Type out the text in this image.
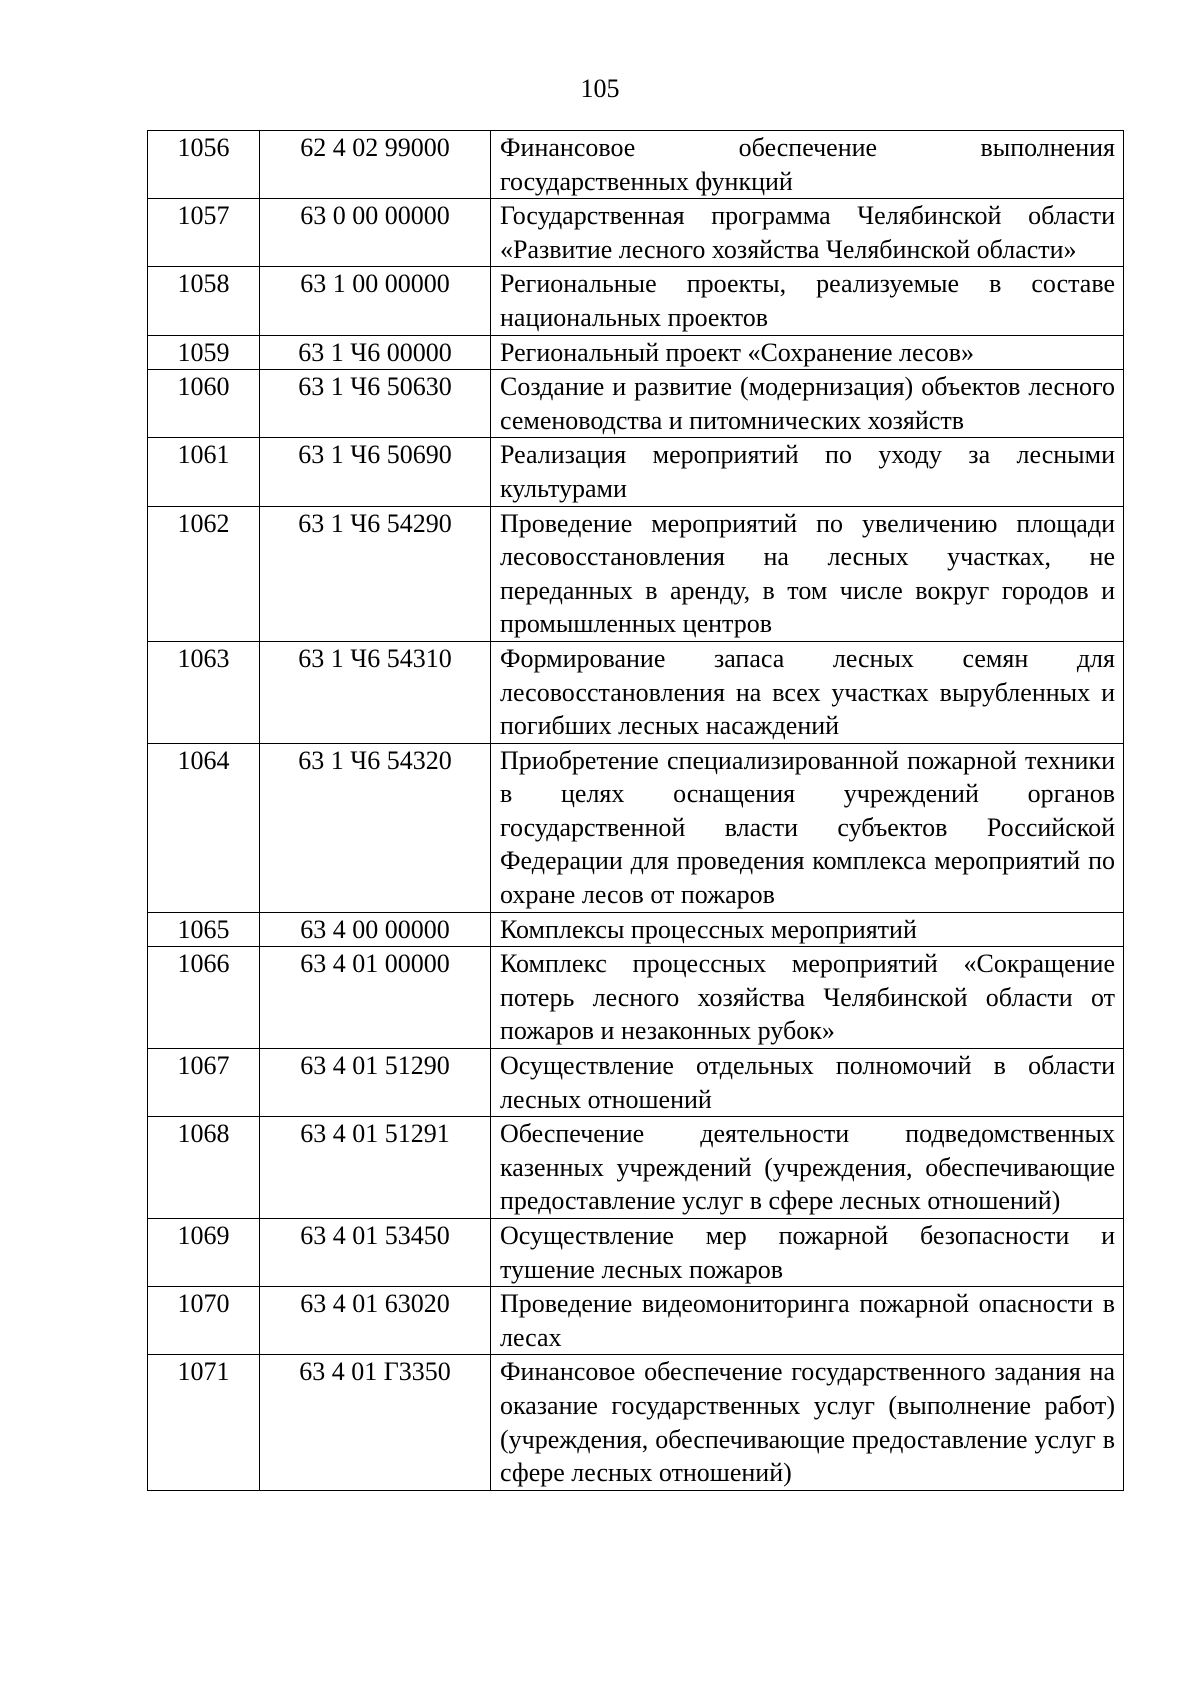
105
1056	62 4 02 99000	Финансовое обеспечение выполнения государственных функций
1057	63 0 00 00000	Государственная программа Челябинской области «Развитие лесного хозяйства Челябинской области»
1058	63 1 00 00000	Региональные проекты, реализуемые в составе национальных проектов
1059	63 1 Ч6 00000	Региональный проект «Сохранение лесов»
1060	63 1 Ч6 50630	Создание и развитие (модернизация) объектов лесного семеноводства и питомнических хозяйств
1061	63 1 Ч6 50690	Реализация мероприятий по уходу за лесными культурами
1062	63 1 Ч6 54290	Проведение мероприятий по увеличению площади лесовосстановления на лесных участках, не переданных в аренду, в том числе вокруг городов и промышленных центров
1063	63 1 Ч6 54310	Формирование запаса лесных семян для лесовосстановления на всех участках вырубленных и погибших лесных насаждений
1064	63 1 Ч6 54320	Приобретение специализированной пожарной техники в целях оснащения учреждений органов государственной власти субъектов Российской Федерации для проведения комплекса мероприятий по охране лесов от пожаров
1065	63 4 00 00000	Комплексы процессных мероприятий
1066	63 4 01 00000	Комплекс процессных мероприятий «Сокращение потерь лесного хозяйства Челябинской области от пожаров и незаконных рубок»
1067	63 4 01 51290	Осуществление отдельных полномочий в области лесных отношений
1068	63 4 01 51291	Обеспечение деятельности подведомственных казенных учреждений (учреждения, обеспечивающие предоставление услуг в сфере лесных отношений)
1069	63 4 01 53450	Осуществление мер пожарной безопасности и тушение лесных пожаров
1070	63 4 01 63020	Проведение видеомониторинга пожарной опасности в лесах
1071	63 4 01 Г3350	Финансовое обеспечение государственного задания на оказание государственных услуг (выполнение работ) (учреждения, обеспечивающие предоставление услуг в сфере лесных отношений)
